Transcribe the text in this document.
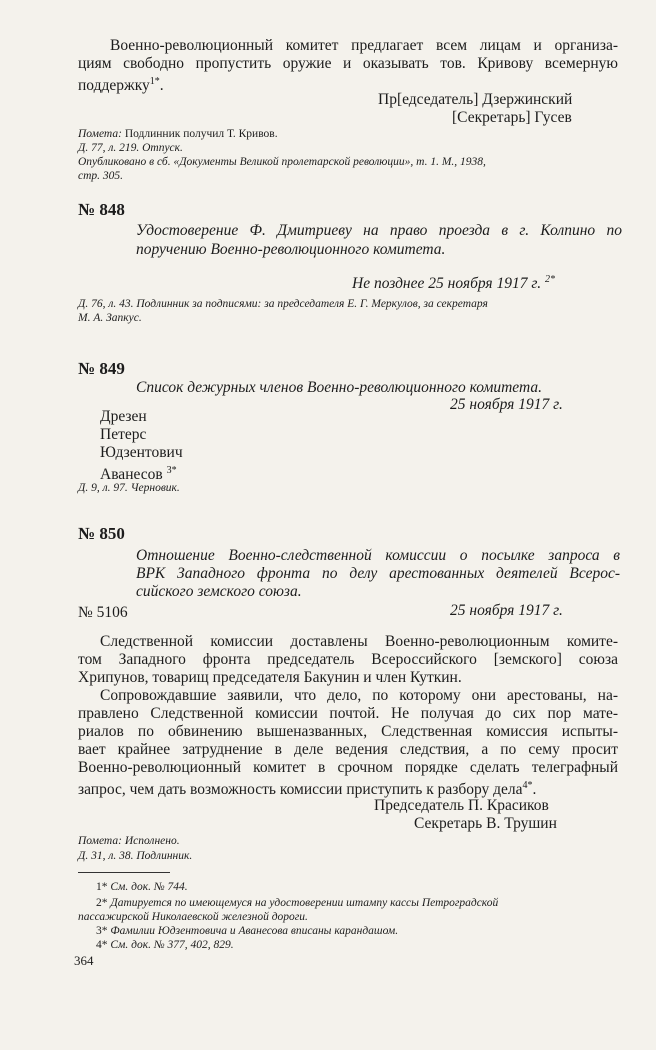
Военно-революционный комитет предлагает всем лицам и организа-
циям свободно пропустить оружие и оказывать тов. Кривову всемерную
поддержку$^{1*}$.
Пр[едседатель] Дзержинский
[Секретарь] Гусев
Помета: Подлинник получил Т. Кривов.
Д. 77, л. 219. Отпуск.
Опубликовано в сб. «Документы Великой пролетарской революции», т. 1. М., 1938,
стр. 305.
№ 848
Удостоверение Ф. Дмитриеву на право проезда в г. Колпино по
поручению Военно-революционного комитета.
Не позднее 25 ноября 1917 г. $^{2*}$
Д. 76, л. 43. Подлинник за подписями: за председателя Е. Г. Меркулов, за секретаря
М. А. Запкус.
№ 849
Список дежурных членов Военно-революционного комитета.
25 ноября 1917 г.
Дрезен
Петерс
Юдзентович
Аванесов $^{3*}$
Д. 9, л. 97. Черновик.
№ 850
Отношение Военно-следственной комиссии о посылке запроса в
ВРК Западного фронта по делу арестованных деятелей Всерос-
сийского земского союза.
№ 5106	25 ноября 1917 г.
Следственной комиссии доставлены Военно-революционным комите-
том Западного фронта председатель Всероссийского [земского] союза
Хрипунов, товарищ председателя Бакунин и член Куткин.
Сопровождавшие заявили, что дело, по которому они арестованы, на-
правлено Следственной комиссии почтой. Не получая до сих пор мате-
риалов по обвинению вышеназванных, Следственная комиссия испыты-
вает крайнее затруднение в деле ведения следствия, а по сему просит
Военно-революционный комитет в срочном порядке сделать телеграфный
запрос, чем дать возможность комиссии приступить к разбору дела$^{4*}$.
Председатель П. Красиков
Секретарь В. Трушин
Помета: Исполнено.
Д. 31, л. 38. Подлинник.
1* См. док. № 744.
2* Датируется по имеющемуся на удостоверении штампу кассы Петроградской
пассажирской Николаевской железной дороги.
3* Фамилии Юдзентовича и Аванесова вписаны карандашом.
4* См. док. № 377, 402, 829.
364
